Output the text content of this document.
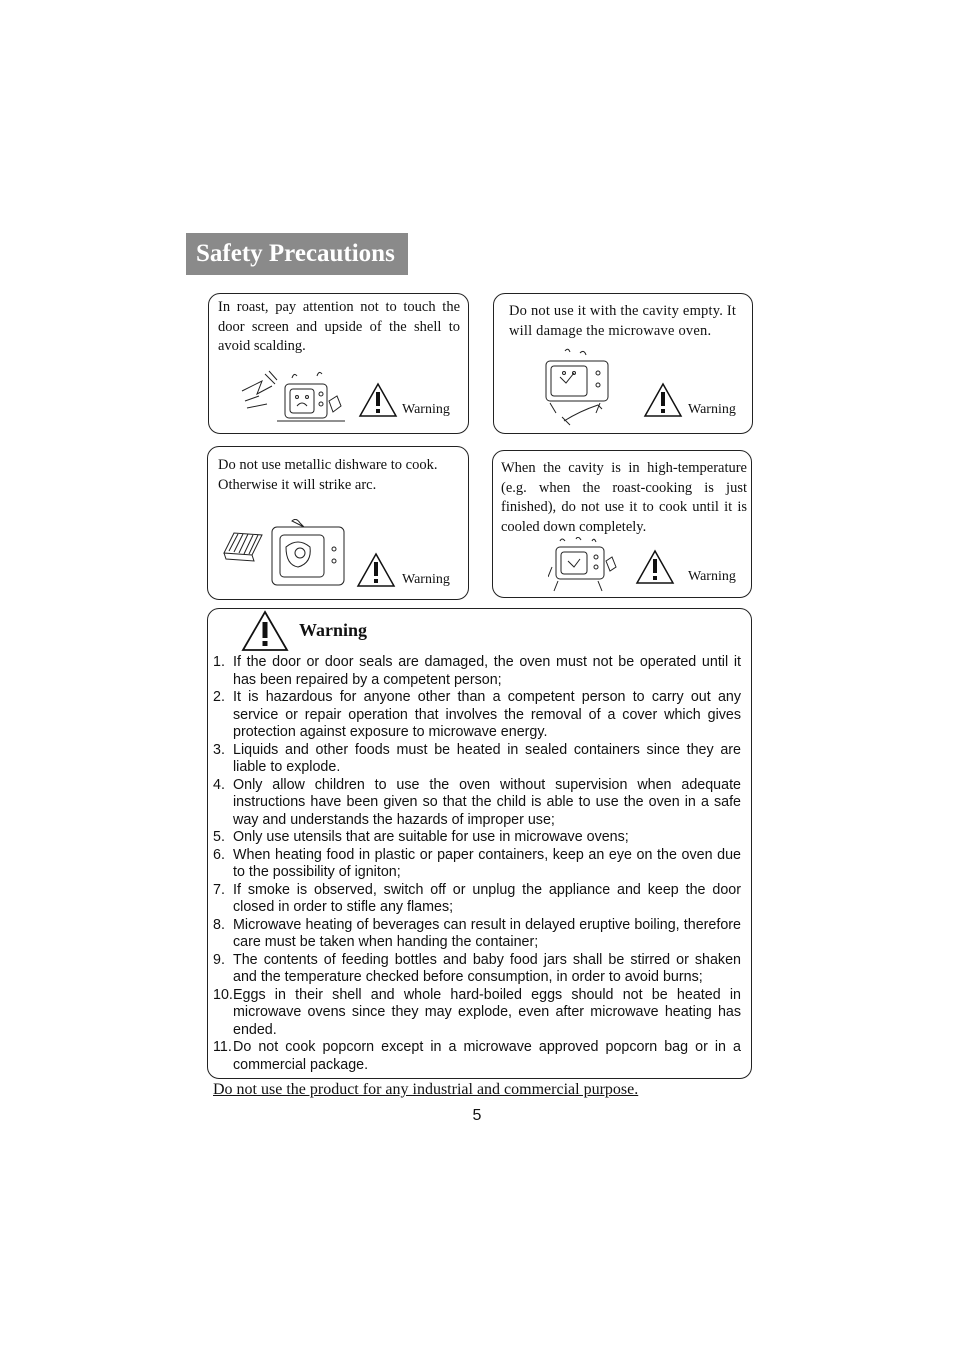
Safety Precautions
In roast, pay attention not to touch the door screen and upside of the shell to avoid scalding.
Warning
Do not use it with the cavity empty. It will damage the microwave oven.
Warning
Do not use metallic dishware to cook. Otherwise it will strike arc.
Warning
When the cavity is in high-temperature (e.g. when the roast-cooking is just finished), do not use it to cook until it is cooled down completely.
Warning
Warning
1. If the door or door seals are damaged, the oven must not be operated until it has been repaired by a competent person;
2. It is hazardous for anyone other than a competent person to carry out any service or repair operation that involves the removal of a cover which gives protection against exposure to microwave energy.
3. Liquids and other foods must be heated in sealed containers since they are liable to explode.
4. Only allow children to use the oven without supervision when adequate instructions have been given so that the child is able to use the oven in a safe way and understands the hazards of improper use;
5. Only use utensils that are suitable for use in microwave ovens;
6. When heating food in plastic or paper containers, keep an eye on the oven due to the possibility of igniton;
7. If smoke is observed, switch off or unplug the appliance and keep the door closed in order to stifle any flames;
8. Microwave heating of beverages can result in delayed eruptive boiling, therefore care must be taken when handing the container;
9. The contents of feeding bottles and baby food jars shall be stirred or shaken and the temperature checked before consumption, in order to avoid burns;
10. Eggs in their shell and whole hard-boiled eggs should not be heated in microwave ovens since they may explode, even after microwave heating has ended.
11. Do not cook popcorn except in a microwave approved popcorn bag or in a commercial package.
Do not use the product for any industrial and commercial purpose.
5
